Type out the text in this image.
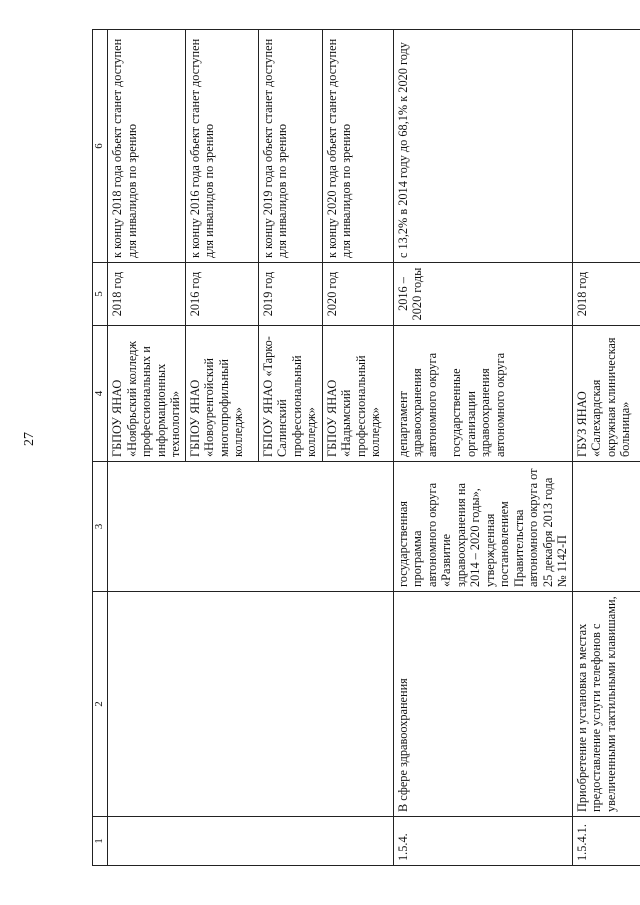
27
1	2	3	4	5	6
			ГБПОУ ЯНАО «Ноябрьский колледж профессиональных и информационных технологий»	2018 год	к концу 2018 года объект станет доступен для инвалидов по зрению
			ГБПОУ ЯНАО «Новоуренгойский многопрофильный колледж»	2016 год	к концу 2016 года объект станет доступен для инвалидов по зрению
			ГБПОУ ЯНАО «Тарко-Салинский профессиональный колледж»	2019 год	к концу 2019 года объект станет доступен для инвалидов по зрению
			ГБПОУ ЯНАО «Надымский профессиональный колледж»	2020 год	к концу 2020 года объект станет доступен для инвалидов по зрению
1.5.4.	В сфере здравоохранения	государственная программа автономного округа «Развитие здравоохранения на 2014 – 2020 годы», утвержденная постановлением Правительства автономного округа от 25 декабря 2013 года № 1142-П	департамент здравоохранения автономного округа государственные организации здравоохранения автономного округа	2016 – 2020 годы	с 13,2% в 2014 году до 68,1% к 2020 году
1.5.4.1.	Приобретение и установка в местах предоставление услуги телефонов с увеличенными тактильными клавишами,		ГБУЗ ЯНАО «Салехардская окружная клиническая больница»	2018 год	
